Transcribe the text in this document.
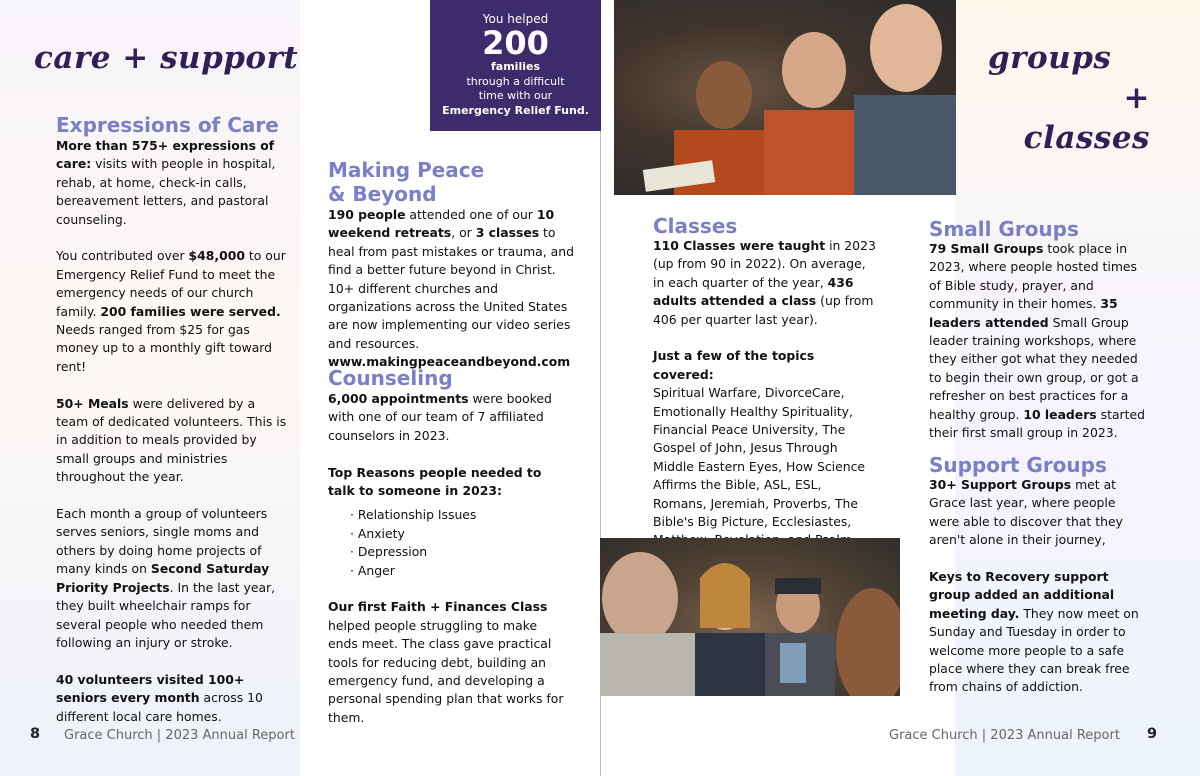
care + support
Expressions of Care

More than 575+ expressions of care: visits with people in hospital, rehab, at home, check-in calls, bereavement letters, and pastoral counseling.

You contributed over $48,000 to our Emergency Relief Fund to meet the emergency needs of our church family. 200 families were served. Needs ranged from $25 for gas money up to a monthly gift toward rent!

50+ Meals were delivered by a team of dedicated volunteers. This is in addition to meals provided by small groups and ministries throughout the year.

Each month a group of volunteers serves seniors, single moms and others by doing home projects of many kinds on Second Saturday Priority Projects. In the last year, they built wheelchair ramps for several people who needed them following an injury or stroke.

40 volunteers visited 100+ seniors every month across 10 different local care homes.

You helped
200
families
through a difficult
time with our
Emergency Relief Fund.
Making Peace
& Beyond

190 people attended one of our 10 weekend retreats, or 3 classes to heal from past mistakes or trauma, and find a better future beyond in Christ. 10+ different churches and organizations across the United States are now implementing our video series and resources.

www.makingpeaceandbeyond.com

Counseling

6,000 appointments were booked with one of our team of 7 affiliated counselors in 2023.

Top Reasons people needed to talk to someone in 2023:

· Relationship Issues
· Anxiety
· Depression
· Anger

Our first Faith + Finances Class helped people struggling to make ends meet. The class gave practical tools for reducing debt, building an emergency fund, and developing a personal spending plan that works for them.

8 Grace Church | 2023 Annual Report
groups
+ classes
Classes

110 Classes were taught in 2023 (up from 90 in 2022). On average, in each quarter of the year, 436 adults attended a class (up from 406 per quarter last year).

Just a few of the topics covered:

Spiritual Warfare, DivorceCare, Emotionally Healthy Spirituality, Financial Peace University, The Gospel of John, Jesus Through Middle Eastern Eyes, How Science Affirms the Bible, ASL, ESL, Romans, Jeremiah, Proverbs, The Bible's Big Picture, Ecclesiastes,

Small Groups

79 Small Groups took place in 2023, where people hosted times of Bible study, prayer, and community in their homes. 35 leaders attended Small Group leader training workshops, where they either got what they needed to begin their own group, or got a refresher on best practices for a healthy group. 10 leaders started their first small group in 2023.

Support Groups

30+ Support Groups met at Grace last year, where people were able to discover that they aren't alone in their journey,

Keys to Recovery support group added an additional meeting day. They now meet on Sunday and Tuesday in order to welcome more people to a safe place where they can break free from chains of addiction.

Grace Church | 2023 Annual Report 9
